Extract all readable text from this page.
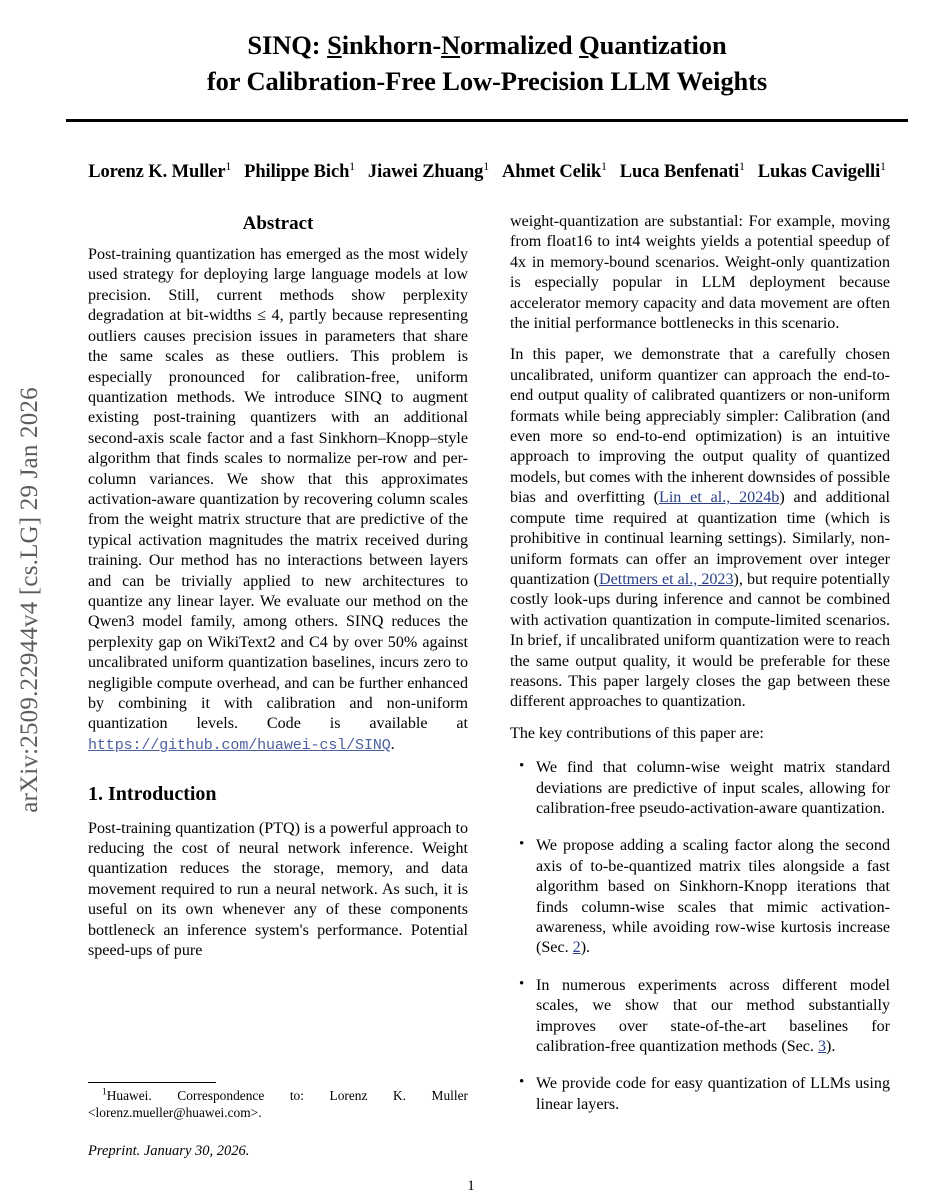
arXiv:2509.22944v4 [cs.LG] 29 Jan 2026
SINQ: Sinkhorn-Normalized Quantization
for Calibration-Free Low-Precision LLM Weights
Lorenz K. Muller$^1$ Philippe Bich$^1$ Jiawei Zhuang$^1$ Ahmet Celik$^1$ Luca Benfenati$^1$ Lukas Cavigelli$^1$
Abstract

Post-training quantization has emerged as the most widely used strategy for deploying large language models at low precision. Still, current methods show perplexity degradation at bit-widths ≤ 4, partly because representing outliers causes precision issues in parameters that share the same scales as these outliers. This problem is especially pronounced for calibration-free, uniform quantization methods. We introduce SINQ to augment existing post-training quantizers with an additional second-axis scale factor and a fast Sinkhorn–Knopp–style algorithm that finds scales to normalize per-row and per-column variances. We show that this approximates activation-aware quantization by recovering column scales from the weight matrix structure that are predictive of the typical activation magnitudes the matrix received during training. Our method has no interactions between layers and can be trivially applied to new architectures to quantize any linear layer. We evaluate our method on the Qwen3 model family, among others. SINQ reduces the perplexity gap on WikiText2 and C4 by over 50% against uncalibrated uniform quantization baselines, incurs zero to negligible compute overhead, and can be further enhanced by combining it with calibration and non-uniform quantization levels. Code is available at https://github.com/huawei-csl/SINQ.

1. Introduction

Post-training quantization (PTQ) is a powerful approach to reducing the cost of neural network inference. Weight quantization reduces the storage, memory, and data movement required to run a neural network. As such, it is useful on its own whenever any of these components bottleneck an inference system's performance. Potential speed-ups of pure

weight-quantization are substantial: For example, moving from float16 to int4 weights yields a potential speedup of 4x in memory-bound scenarios. Weight-only quantization is especially popular in LLM deployment because accelerator memory capacity and data movement are often the initial performance bottlenecks in this scenario.

In this paper, we demonstrate that a carefully chosen uncalibrated, uniform quantizer can approach the end-to-end output quality of calibrated quantizers or non-uniform formats while being appreciably simpler: Calibration (and even more so end-to-end optimization) is an intuitive approach to improving the output quality of quantized models, but comes with the inherent downsides of possible bias and overfitting (Lin et al., 2024b) and additional compute time required at quantization time (which is prohibitive in continual learning settings). Similarly, non-uniform formats can offer an improvement over integer quantization (Dettmers et al., 2023), but require potentially costly look-ups during inference and cannot be combined with activation quantization in compute-limited scenarios. In brief, if uncalibrated uniform quantization were to reach the same output quality, it would be preferable for these reasons. This paper largely closes the gap between these different approaches to quantization.

The key contributions of this paper are:

• We find that column-wise weight matrix standard deviations are predictive of input scales, allowing for calibration-free pseudo-activation-aware quantization.
• We propose adding a scaling factor along the second axis of to-be-quantized matrix tiles alongside a fast algorithm based on Sinkhorn-Knopp iterations that finds column-wise scales that mimic activation-awareness, while avoiding row-wise kurtosis increase (Sec. 2).
• In numerous experiments across different model scales, we show that our method substantially improves over state-of-the-art baselines for calibration-free quantization methods (Sec. 3).
• We provide code for easy quantization of LLMs using linear layers.

$^1$Huawei. Correspondence to: Lorenz K. Muller <lorenz.mueller@huawei.com>.

Preprint. January 30, 2026.

1
